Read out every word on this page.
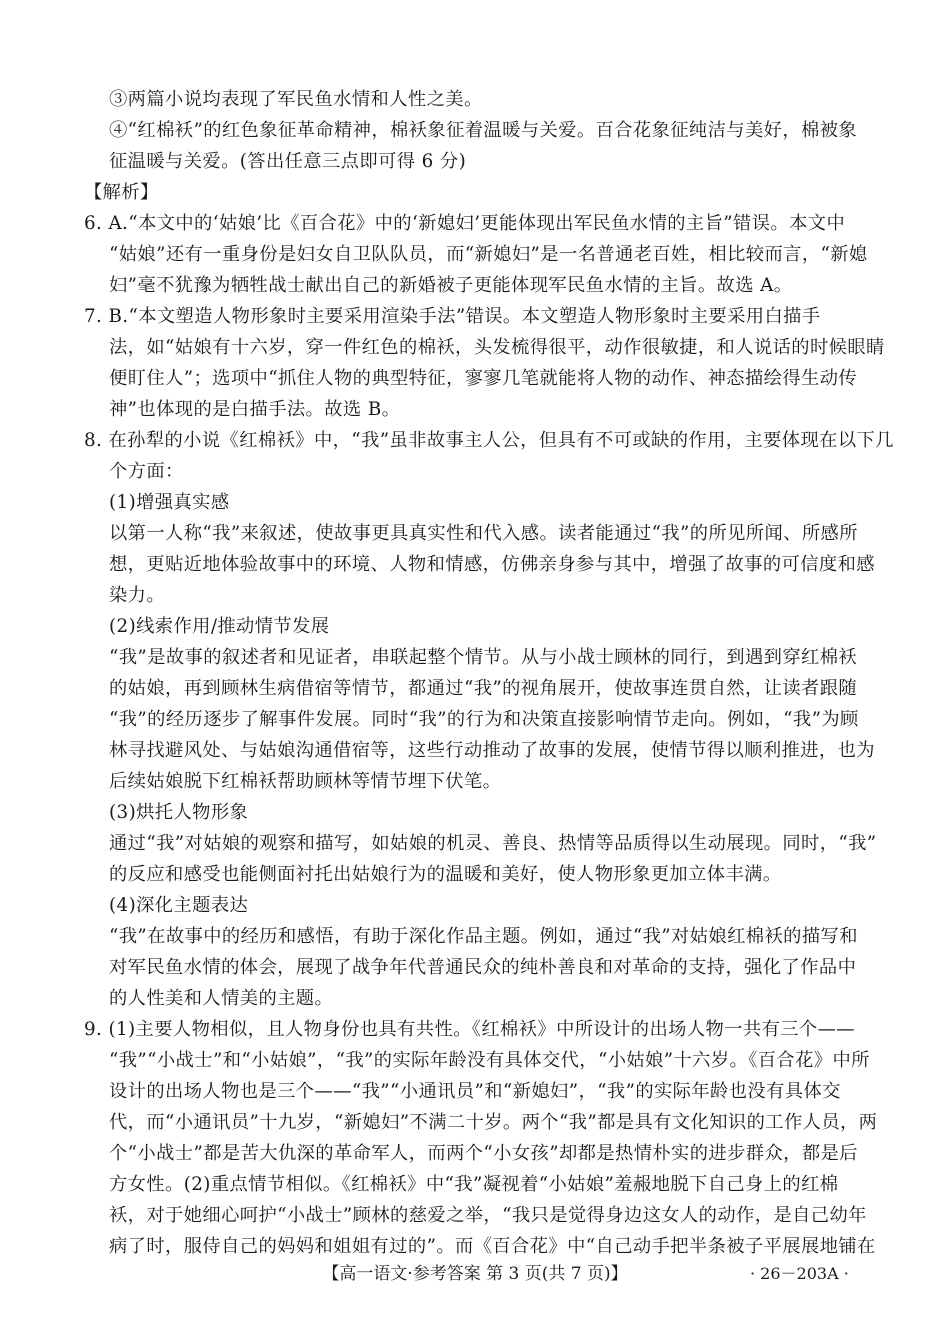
③两篇小说均表现了军民鱼水情和人性之美。
④“红棉袄”的红色象征革命精神，棉袄象征着温暖与关爱。百合花象征纯洁与美好，棉被象
征温暖与关爱。(答出任意三点即可得 6 分)
【解析】
6. A.“本文中的‘姑娘’比《百合花》中的‘新媳妇’更能体现出军民鱼水情的主旨”错误。本文中
“姑娘”还有一重身份是妇女自卫队队员，而“新媳妇”是一名普通老百姓，相比较而言，“新媳
妇”毫不犹豫为牺牲战士献出自己的新婚被子更能体现军民鱼水情的主旨。故选 A。
7. B.“本文塑造人物形象时主要采用渲染手法”错误。本文塑造人物形象时主要采用白描手
法，如“姑娘有十六岁，穿一件红色的棉袄，头发梳得很平，动作很敏捷，和人说话的时候眼睛
便盯住人”；选项中“抓住人物的典型特征，寥寥几笔就能将人物的动作、神态描绘得生动传
神”也体现的是白描手法。故选 B。
8. 在孙犁的小说《红棉袄》中，“我”虽非故事主人公，但具有不可或缺的作用，主要体现在以下几
个方面：
(1)增强真实感
以第一人称“我”来叙述，使故事更具真实性和代入感。读者能通过“我”的所见所闻、所感所
想，更贴近地体验故事中的环境、人物和情感，仿佛亲身参与其中，增强了故事的可信度和感
染力。
(2)线索作用/推动情节发展
“我”是故事的叙述者和见证者，串联起整个情节。从与小战士顾林的同行，到遇到穿红棉袄
的姑娘，再到顾林生病借宿等情节，都通过“我”的视角展开，使故事连贯自然，让读者跟随
“我”的经历逐步了解事件发展。同时“我”的行为和决策直接影响情节走向。例如，“我”为顾
林寻找避风处、与姑娘沟通借宿等，这些行动推动了故事的发展，使情节得以顺利推进，也为
后续姑娘脱下红棉袄帮助顾林等情节埋下伏笔。
(3)烘托人物形象
通过“我”对姑娘的观察和描写，如姑娘的机灵、善良、热情等品质得以生动展现。同时，“我”
的反应和感受也能侧面衬托出姑娘行为的温暖和美好，使人物形象更加立体丰满。
(4)深化主题表达
“我”在故事中的经历和感悟，有助于深化作品主题。例如，通过“我”对姑娘红棉袄的描写和
对军民鱼水情的体会，展现了战争年代普通民众的纯朴善良和对革命的支持，强化了作品中
的人性美和人情美的主题。
9. (1)主要人物相似，且人物身份也具有共性。《红棉袄》中所设计的出场人物一共有三个——
“我”“小战士”和“小姑娘”，“我”的实际年龄没有具体交代，“小姑娘”十六岁。《百合花》中所
设计的出场人物也是三个——“我”“小通讯员”和“新媳妇”，“我”的实际年龄也没有具体交
代，而“小通讯员”十九岁，“新媳妇”不满二十岁。两个“我”都是具有文化知识的工作人员，两
个“小战士”都是苦大仇深的革命军人，而两个“小女孩”却都是热情朴实的进步群众，都是后
方女性。(2)重点情节相似。《红棉袄》中“我”凝视着“小姑娘”羞赧地脱下自己身上的红棉
袄，对于她细心呵护“小战士”顾林的慈爱之举，“我只是觉得身边这女人的动作，是自己幼年
病了时，服侍自己的妈妈和姐姐有过的”。而《百合花》中“自己动手把半条被子平展展地铺在
【高一语文·参考答案 第 3 页(共 7 页)】	· 26－203A ·
